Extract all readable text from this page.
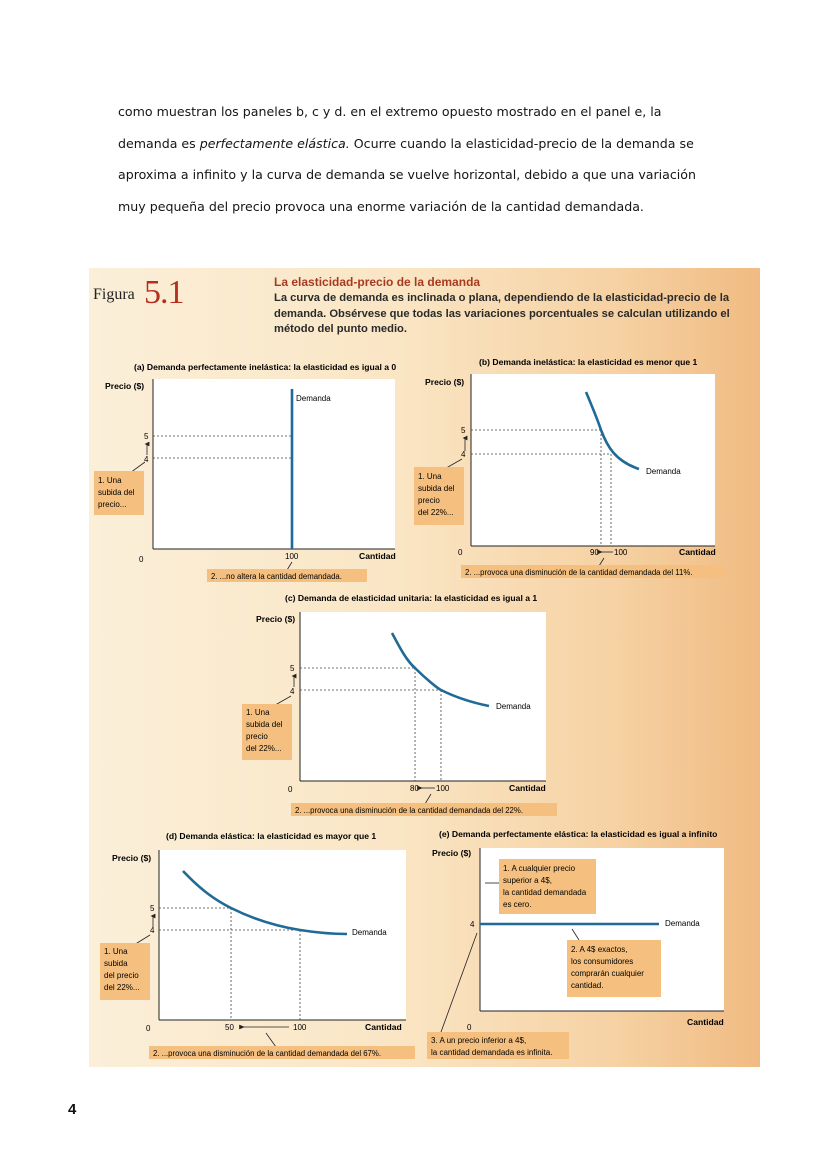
como muestran los paneles b, c y d. en el extremo opuesto mostrado en el panel e, la
demanda es perfectamente elástica. Ocurre cuando la elasticidad-precio de la demanda se
aproxima a infinito y la curva de demanda se vuelve horizontal, debido a que una variación
muy pequeña del precio provoca una enorme variación de la cantidad demandada.
Figura 5.1	La elasticidad-precio de la demanda
La curva de demanda es inclinada o plana, dependiendo de la elasticidad-precio de la demanda. Obsérvese que todas las variaciones porcentuales se calculan utilizando el método del punto medio.
(a) Demanda perfectamente inelástica: la elasticidad es igual a 0
Precio ($)
Demanda
5
4
1. Una
subida del
precio...
0	100	Cantidad
2. ...no altera la cantidad demandada.
(b) Demanda inelástica: la elasticidad es menor que 1
Precio ($)
Demanda
5
4
1. Una
subida del
precio
del 22%...
0	90 100	Cantidad
2. ...provoca una disminución de la cantidad demandada del 11%.
(c) Demanda de elasticidad unitaria: la elasticidad es igual a 1
Precio ($)
Demanda
5
4
1. Una
subida del
precio
del 22%...
0	80 100	Cantidad
2. ...provoca una disminución de la cantidad demandada del 22%.
(d) Demanda elástica: la elasticidad es mayor que 1
Precio ($)
Demanda
5
4
1. Una
subida
del precio
del 22%...
0	50	100	Cantidad
2. ...provoca una disminución de la cantidad demandada del 67%.
(e) Demanda perfectamente elástica: la elasticidad es igual a infinito
Precio ($)
Demanda
4
1. A cualquier precio
superior a 4$,
la cantidad demandada
es cero.
2. A 4$ exactos,
los consumidores
comprarán cualquier
cantidad.
0
Cantidad
3. A un precio inferior a 4$,
la cantidad demandada es infinita.
4
